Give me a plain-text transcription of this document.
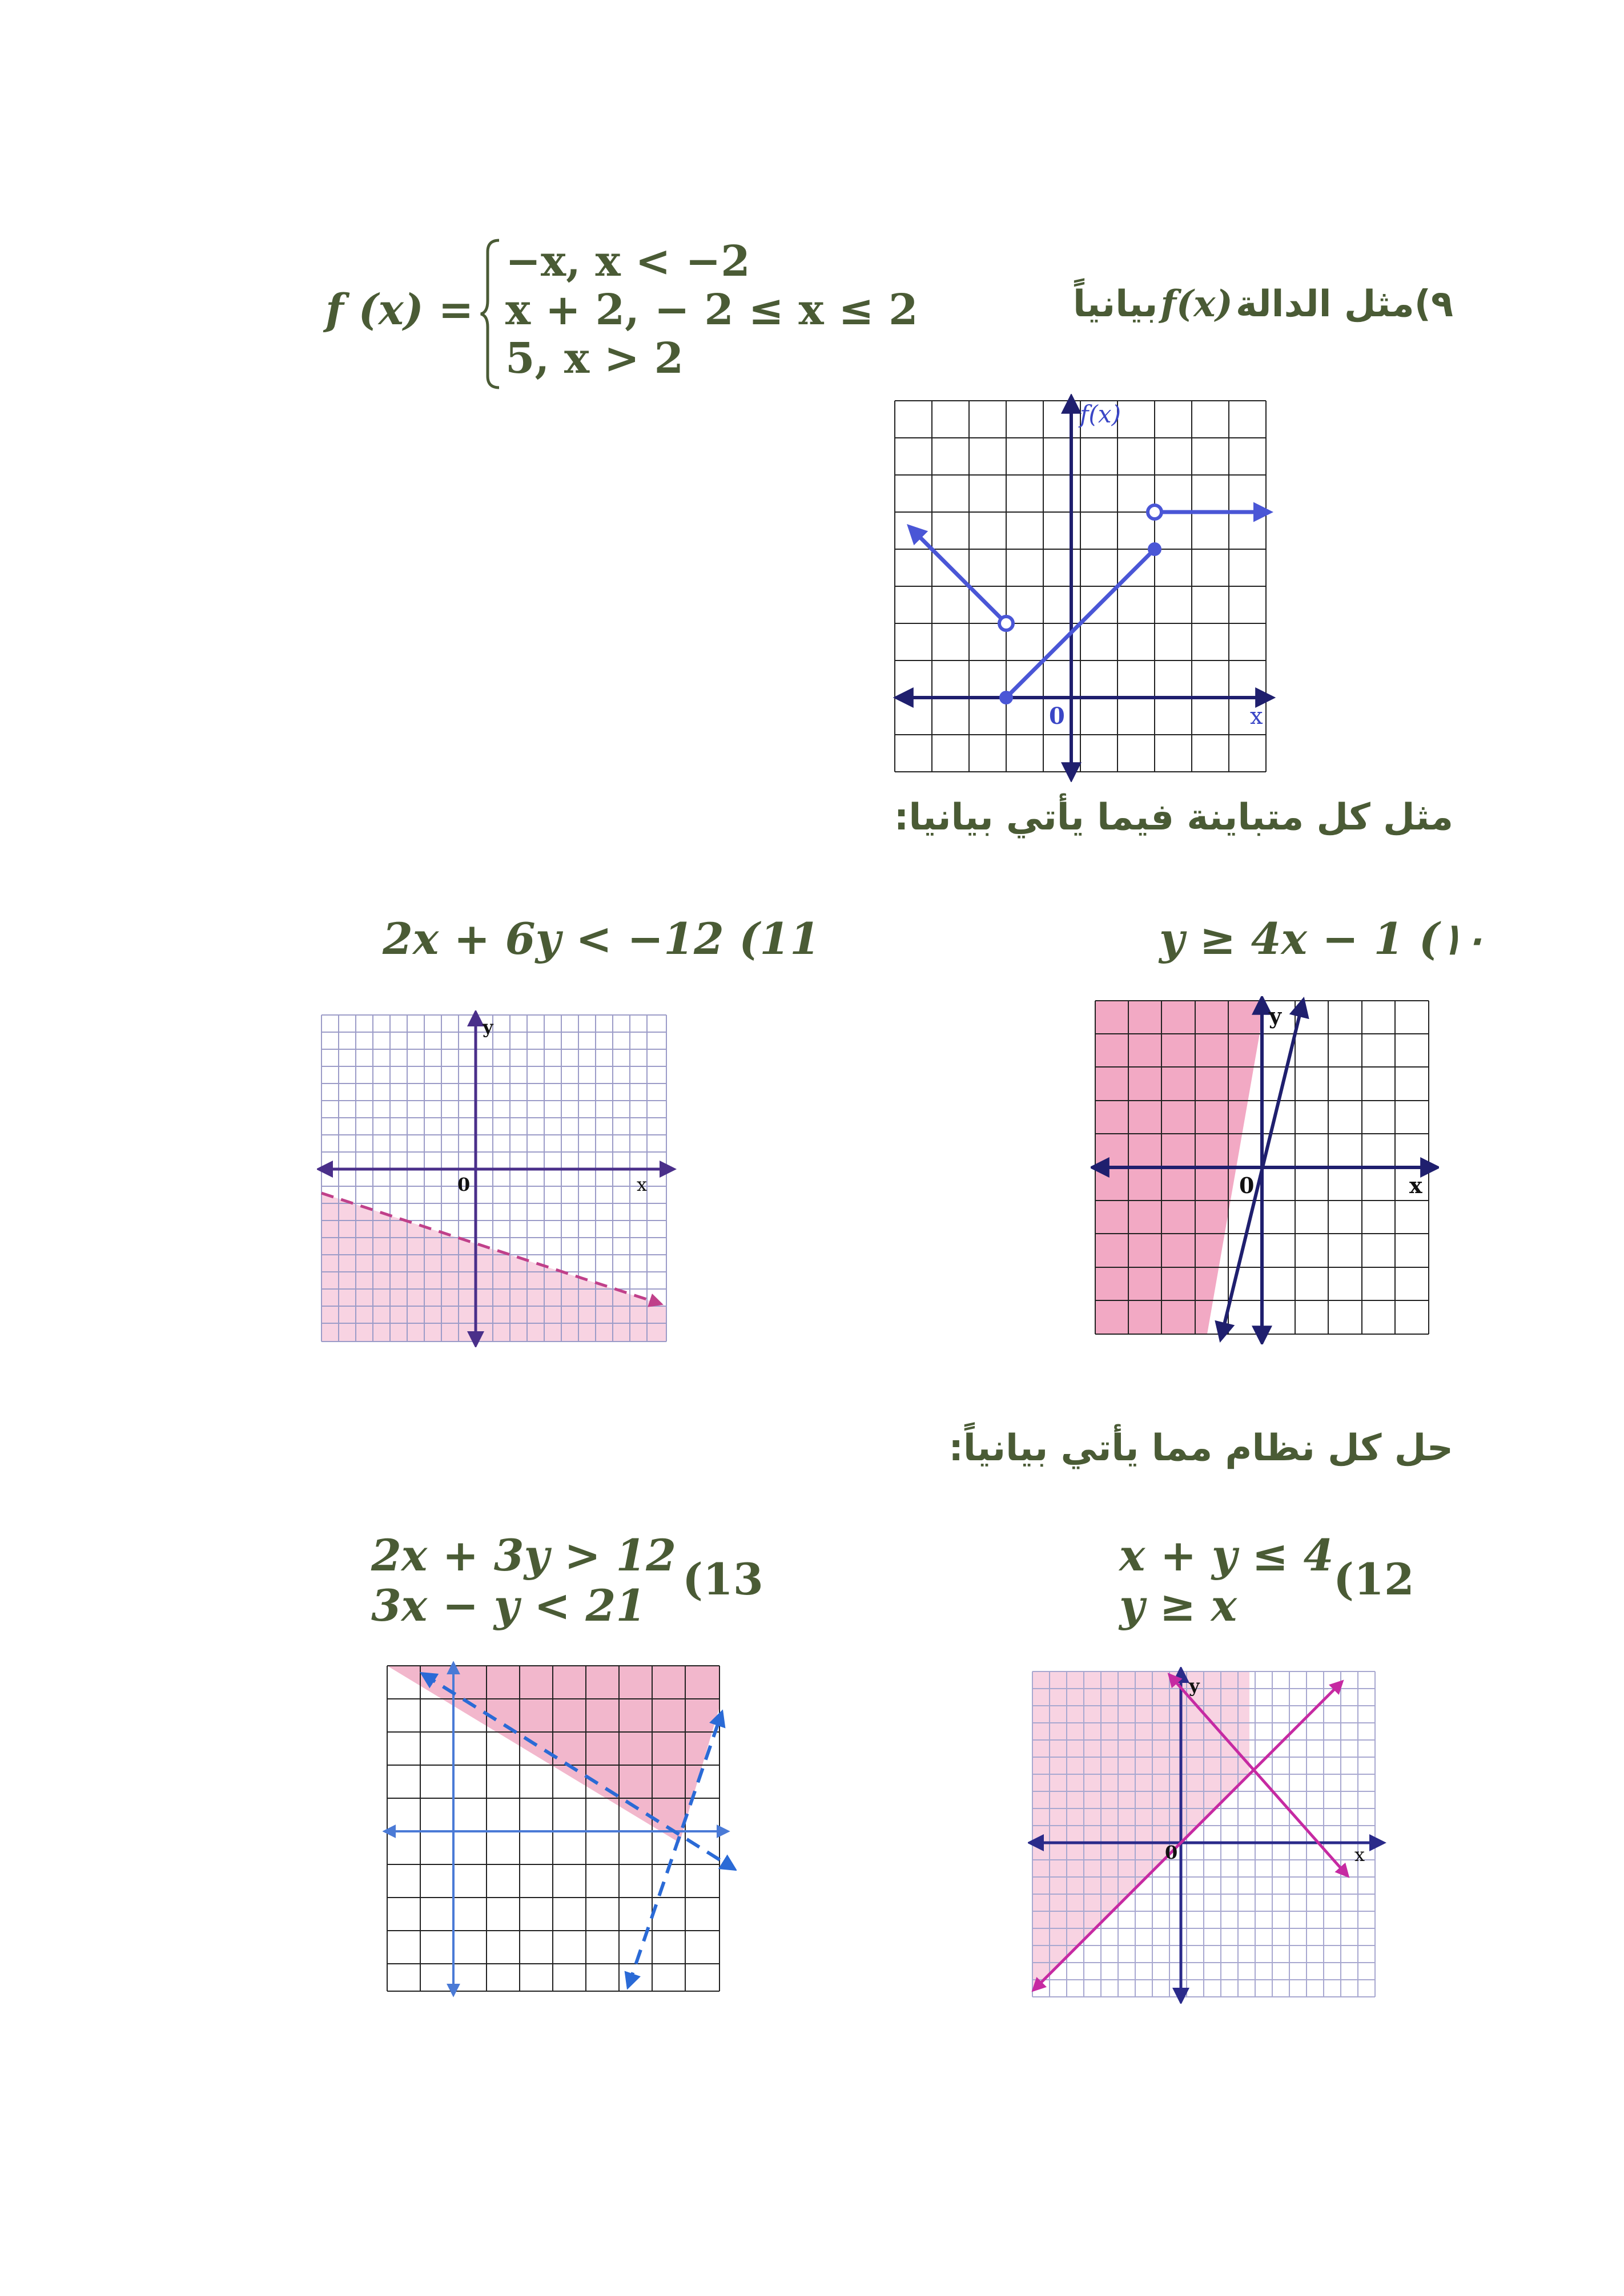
٩)مثل الدالة f(x) بيانياً
f (x) =
−x, x < −2
x + 2, − 2 ≤ x ≤ 2
5, x > 2
f(x)
x
0
مثل كل متباينة فيما يأتي بيانيا:
y ≥ 4x − 1 (١٠
y
x
0
2x + 6y < −12 (11
y
x
0
حل كل نظام مما يأتي بيانياً:
x + y ≤ 4
y ≥ x
(12
y
x
0
2x + 3y > 12
3x − y < 21
(13
